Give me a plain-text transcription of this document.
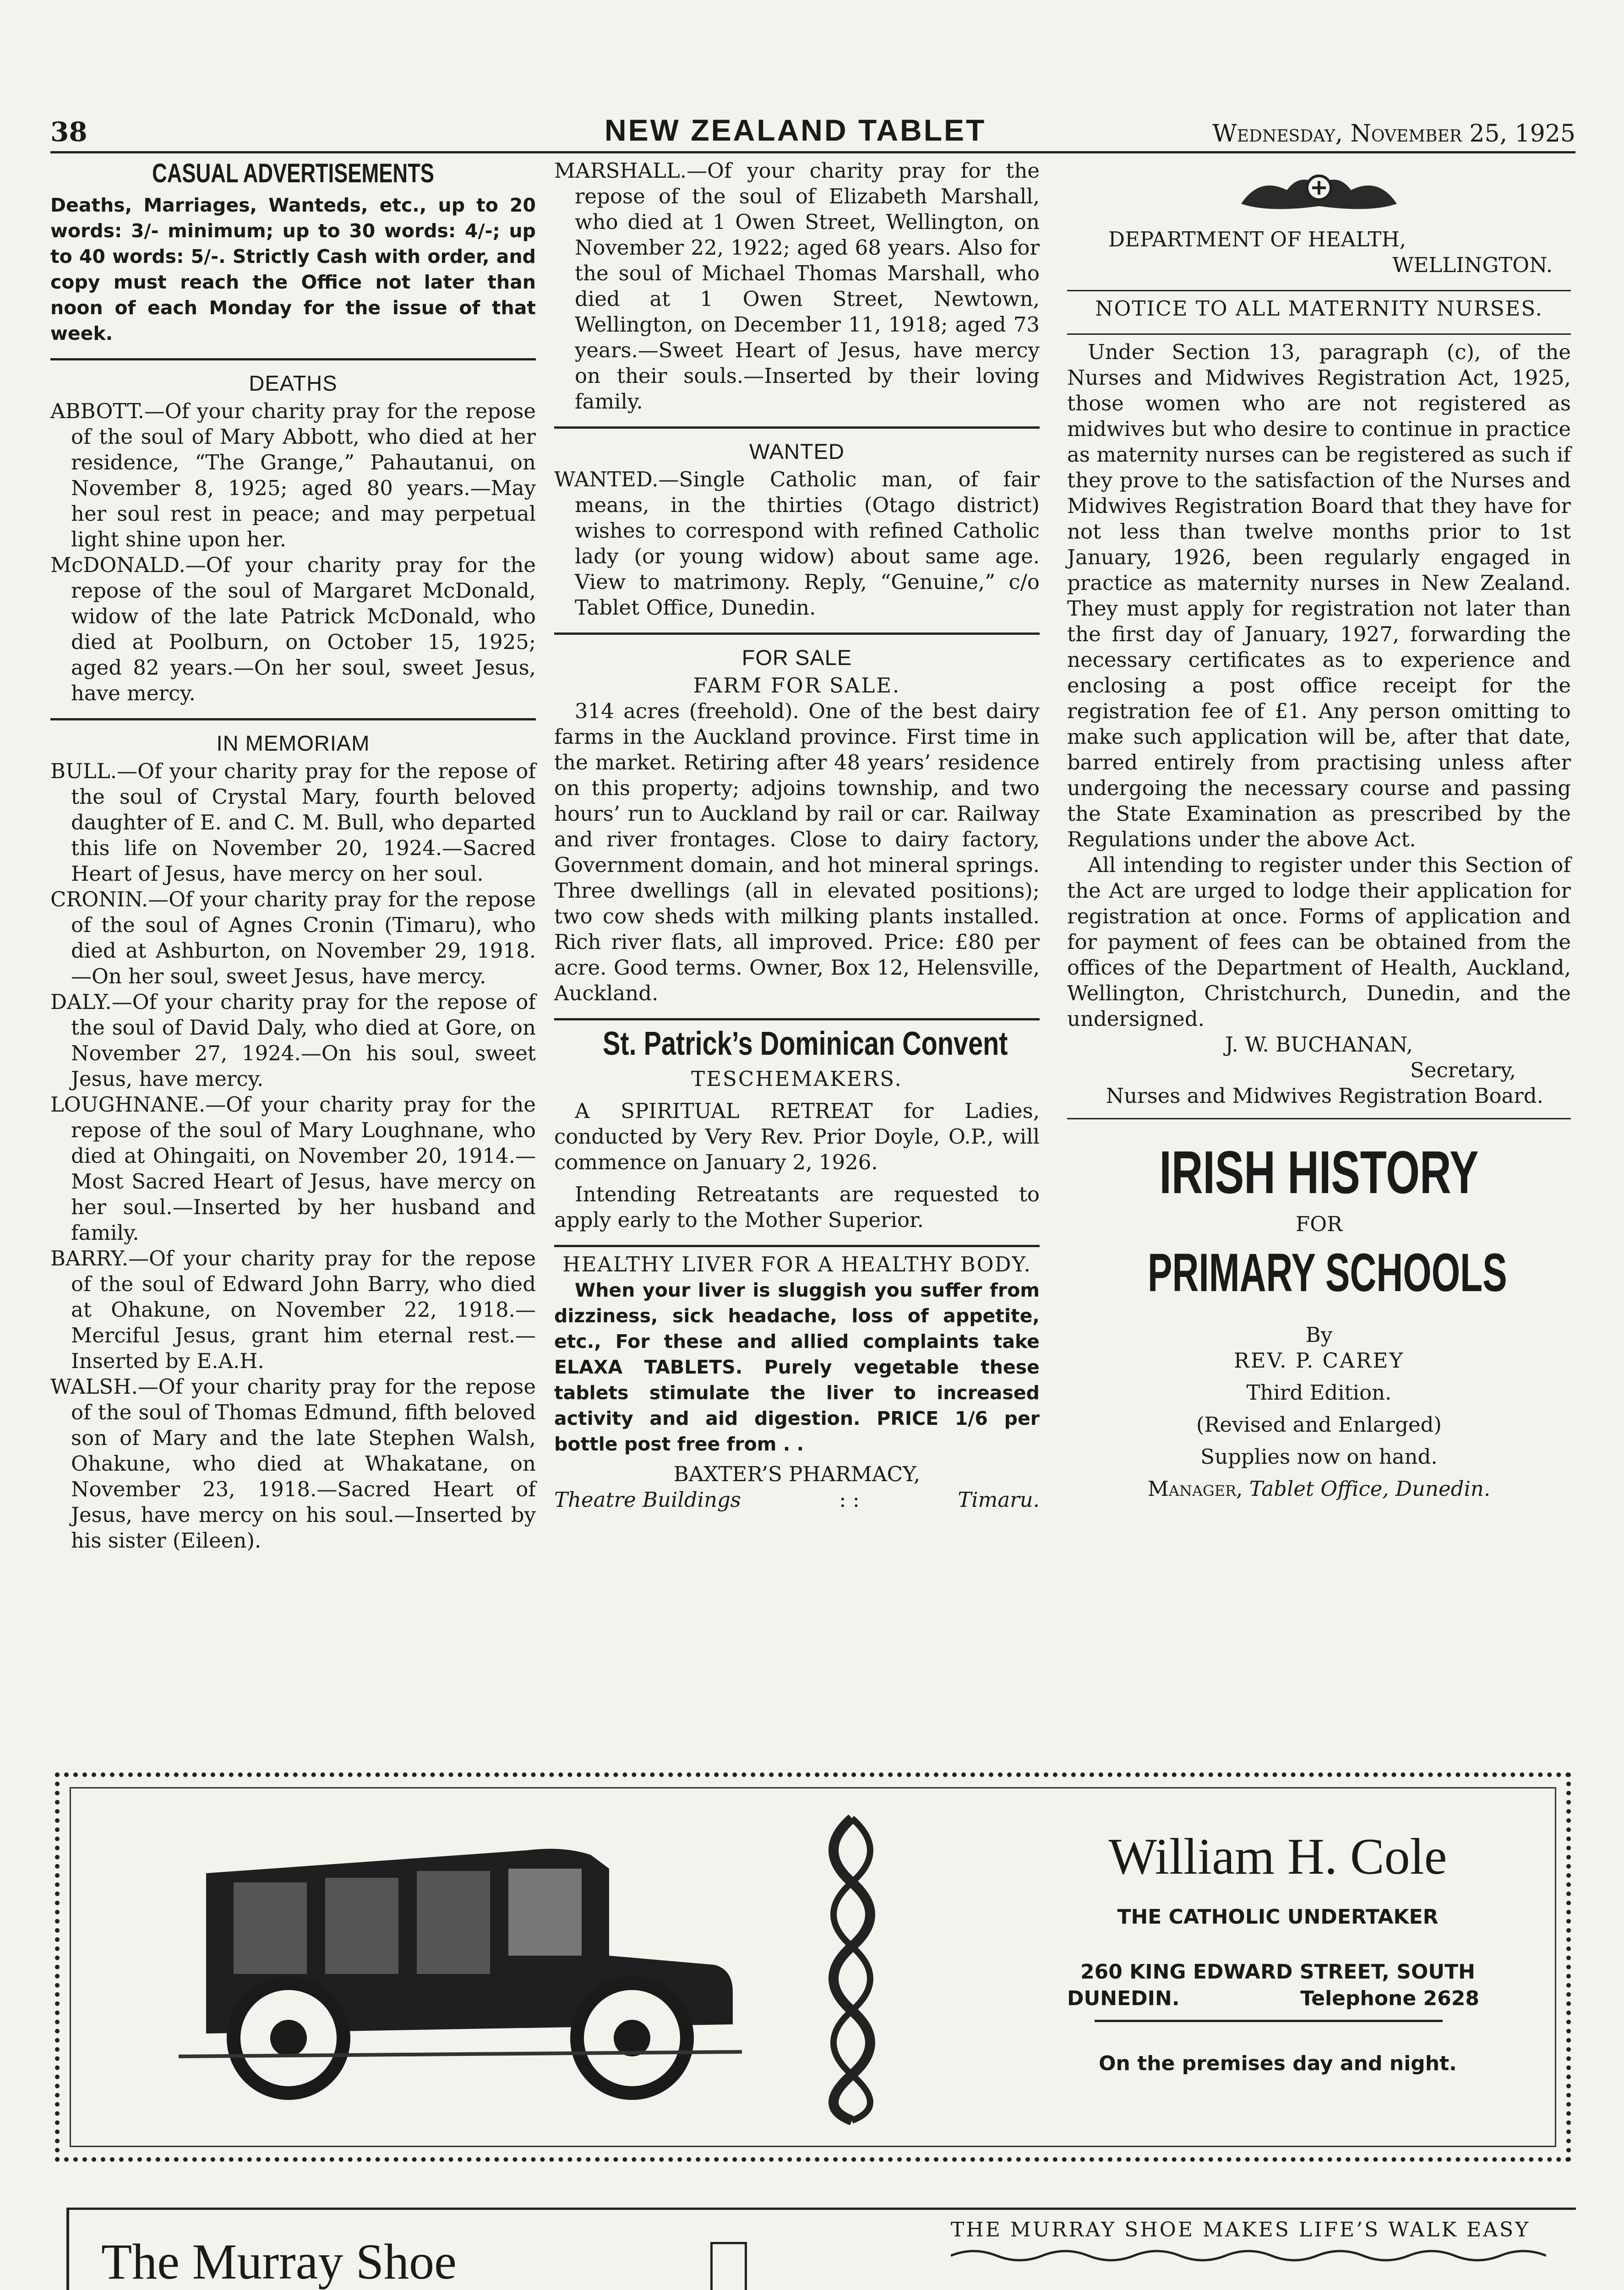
38	NEW ZEALAND TABLET	Wednesday, November 25, 1925
CASUAL ADVERTISEMENTS

Deaths, Marriages, Wanteds, etc., up to 20 words: 3/- minimum; up to 30 words: 4/-; up to 40 words: 5/-. Strictly Cash with order, and copy must reach the Office not later than noon of each Monday for the issue of that week.

DEATHS

ABBOTT.—Of your charity pray for the repose of the soul of Mary Abbott, who died at her residence, “The Grange,” Pahautanui, on November 8, 1925; aged 80 years.—May her soul rest in peace; and may perpetual light shine upon her.

McDONALD.—Of your charity pray for the repose of the soul of Margaret McDonald, widow of the late Patrick McDonald, who died at Poolburn, on October 15, 1925; aged 82 years.—On her soul, sweet Jesus, have mercy.

IN MEMORIAM

BULL.—Of your charity pray for the repose of the soul of Crystal Mary, fourth beloved daughter of E. and C. M. Bull, who departed this life on November 20, 1924.—Sacred Heart of Jesus, have mercy on her soul.

CRONIN.—Of your charity pray for the repose of the soul of Agnes Cronin (Timaru), who died at Ashburton, on November 29, 1918.—On her soul, sweet Jesus, have mercy.

DALY.—Of your charity pray for the repose of the soul of David Daly, who died at Gore, on November 27, 1924.—On his soul, sweet Jesus, have mercy.

LOUGHNANE.—Of your charity pray for the repose of the soul of Mary Loughnane, who died at Ohingaiti, on November 20, 1914.—Most Sacred Heart of Jesus, have mercy on her soul.—Inserted by her husband and family.

BARRY.—Of your charity pray for the repose of the soul of Edward John Barry, who died at Ohakune, on November 22, 1918.—Merciful Jesus, grant him eternal rest.—Inserted by E.A.H.

WALSH.—Of your charity pray for the repose of the soul of Thomas Edmund, fifth beloved son of Mary and the late Stephen Walsh, Ohakune, who died at Whakatane, on November 23, 1918.—Sacred Heart of Jesus, have mercy on his soul.—Inserted by his sister (Eileen).

MARSHALL.—Of your charity pray for the repose of the soul of Elizabeth Marshall, who died at 1 Owen Street, Wellington, on November 22, 1922; aged 68 years. Also for the soul of Michael Thomas Marshall, who died at 1 Owen Street, Newtown, Wellington, on December 11, 1918; aged 73 years.—Sweet Heart of Jesus, have mercy on their souls.—Inserted by their loving family.

WANTED

WANTED.—Single Catholic man, of fair means, in the thirties (Otago district) wishes to correspond with refined Catholic lady (or young widow) about same age. View to matrimony. Reply, “Genuine,” c/o Tablet Office, Dunedin.

FOR SALE

FARM FOR SALE.

314 acres (freehold). One of the best dairy farms in the Auckland province. First time in the market. Retiring after 48 years’ residence on this property; adjoins township, and two hours’ run to Auckland by rail or car. Railway and river frontages. Close to dairy factory, Government domain, and hot mineral springs. Three dwellings (all in elevated positions); two cow sheds with milking plants installed. Rich river flats, all improved. Price: £80 per acre. Good terms. Owner, Box 12, Helensville, Auckland.

St. Patrick’s Dominican Convent

TESCHEMAKERS.

A SPIRITUAL RETREAT for Ladies, conducted by Very Rev. Prior Doyle, O.P., will commence on January 2, 1926.

Intending Retreatants are requested to apply early to the Mother Superior.

HEALTHY LIVER FOR A HEALTHY BODY.

When your liver is sluggish you suffer from dizziness, sick headache, loss of appetite, etc., For these and allied complaints take ELAXA TABLETS. Purely vegetable these tablets stimulate the liver to increased activity and aid digestion. PRICE 1/6 per bottle post free from . .

BAXTER’S PHARMACY,

Theatre Buildings	: :	Timaru.

DEPARTMENT OF HEALTH,

WELLINGTON.

NOTICE TO ALL MATERNITY NURSES.

Under Section 13, paragraph (c), of the Nurses and Midwives Registration Act, 1925, those women who are not registered as midwives but who desire to continue in practice as maternity nurses can be registered as such if they prove to the satisfaction of the Nurses and Midwives Registration Board that they have for not less than twelve months prior to 1st January, 1926, been regularly engaged in practice as maternity nurses in New Zealand. They must apply for registration not later than the first day of January, 1927, forwarding the necessary certificates as to experience and enclosing a post office receipt for the registration fee of £1. Any person omitting to make such application will be, after that date, barred entirely from practising unless after undergoing the necessary course and passing the State Examination as prescribed by the Regulations under the above Act.

All intending to register under this Section of the Act are urged to lodge their application for registration at once. Forms of application and for payment of fees can be obtained from the offices of the Department of Health, Auckland, Wellington, Christchurch, Dunedin, and the undersigned.

J. W. BUCHANAN,

Secretary,

Nurses and Midwives Registration Board.

IRISH HISTORY

FOR

PRIMARY SCHOOLS

By

REV. P. CAREY

Third Edition.

(Revised and Enlarged)

Supplies now on hand.

Manager, Tablet Office, Dunedin.

William H. Cole
THE CATHOLIC UNDERTAKER
260 KING EDWARD STREET, SOUTH
DUNEDIN.	Telephone 2628
On the premises day and night.
The Murray Shoe
THE MURRAY SHOE MAKES LIFE’S WALK EASY
